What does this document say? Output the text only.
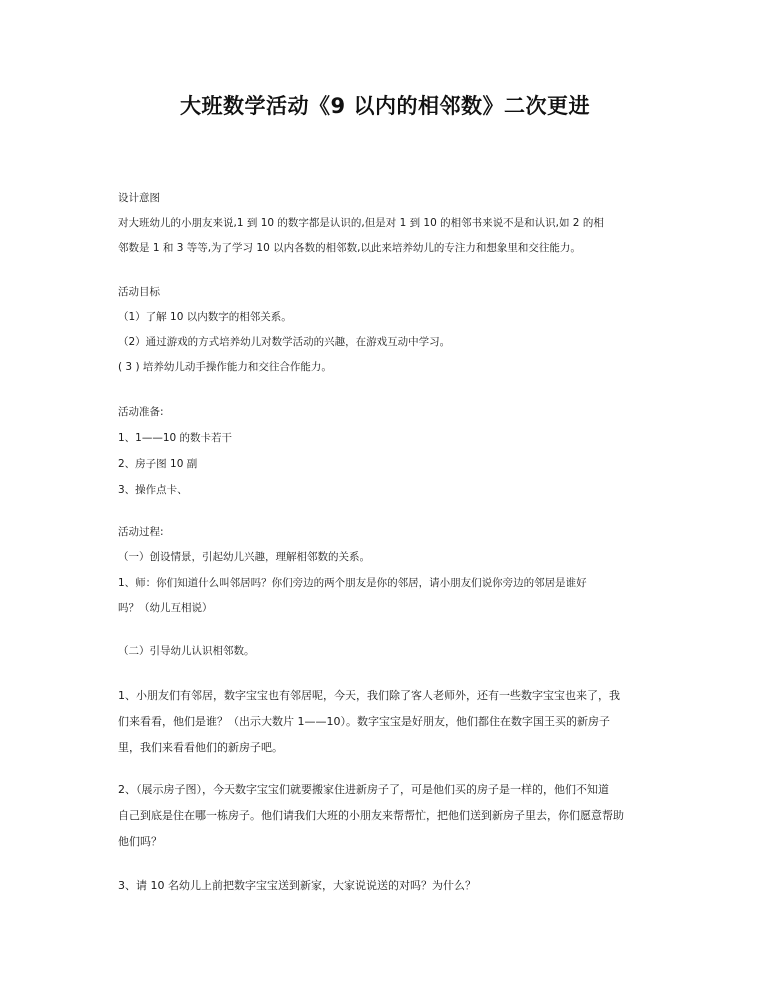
大班数学活动《9 以内的相邻数》二次更进
设计意图
对大班幼儿的小朋友来说,1 到 10 的数字都是认识的,但是对 1 到 10 的相邻书来说不是和认识,如 2 的相
邻数是 1 和 3 等等,为了学习 10 以内各数的相邻数,以此来培养幼儿的专注力和想象里和交往能力。
活动目标
（1）了解 10 以内数字的相邻关系。
（2）通过游戏的方式培养幼儿对数学活动的兴趣，在游戏互动中学习。
( 3 ) 培养幼儿动手操作能力和交往合作能力。
活动准备:
1、1——10 的数卡若干
2、房子图 10 副
3、操作点卡、
活动过程:
（一）创设情景，引起幼儿兴趣，理解相邻数的关系。
1、师：你们知道什么叫邻居吗？你们旁边的两个朋友是你的邻居，请小朋友们说你旁边的邻居是谁好
吗？（幼儿互相说）
（二）引导幼儿认识相邻数。
1、小朋友们有邻居，数字宝宝也有邻居呢，今天，我们除了客人老师外，还有一些数字宝宝也来了，我
们来看看，他们是谁？（出示大数片 1——10）。数字宝宝是好朋友，他们都住在数字国王买的新房子
里，我们来看看他们的新房子吧。
2、（展示房子图），今天数字宝宝们就要搬家住进新房子了，可是他们买的房子是一样的，他们不知道
自己到底是住在哪一栋房子。他们请我们大班的小朋友来帮帮忙，把他们送到新房子里去，你们愿意帮助
他们吗？
3、请 10 名幼儿上前把数字宝宝送到新家，大家说说送的对吗？为什么？
